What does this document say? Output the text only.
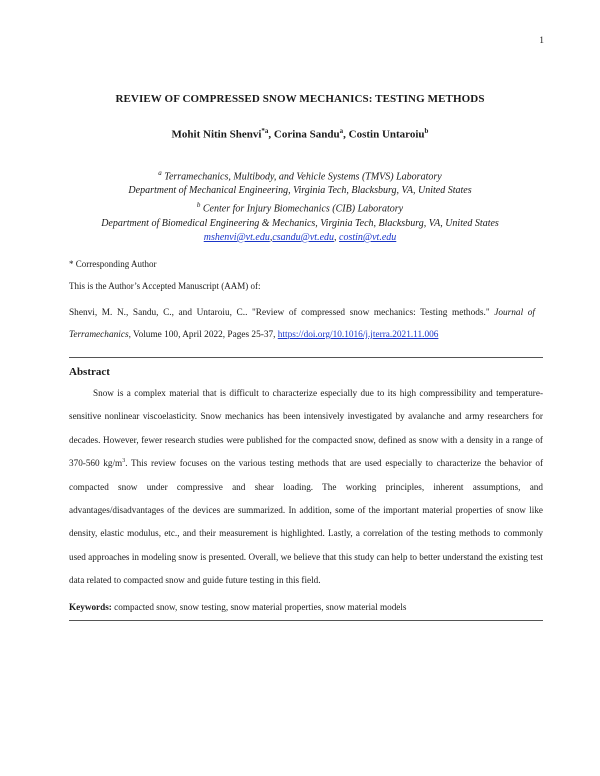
1
REVIEW OF COMPRESSED SNOW MECHANICS: TESTING METHODS
Mohit Nitin Shenvi$^{*a}$, Corina Sandu$^a$, Costin Untaroiu$^b$
$^a$ Terramechanics, Multibody, and Vehicle Systems (TMVS) Laboratory
Department of Mechanical Engineering, Virginia Tech, Blacksburg, VA, United States
$^b$ Center for Injury Biomechanics (CIB) Laboratory
Department of Biomedical Engineering & Mechanics, Virginia Tech, Blacksburg, VA, United States
mshenvi@vt.edu,csandu@vt.edu, costin@vt.edu
* Corresponding Author
This is the Author’s Accepted Manuscript (AAM) of:
Shenvi, M. N., Sandu, C., and Untaroiu, C.. "Review of compressed snow mechanics: Testing methods." Journal of Terramechanics, Volume 100, April 2022, Pages 25-37, https://doi.org/10.1016/j.jterra.2021.11.006
Abstract
Snow is a complex material that is difficult to characterize especially due to its high compressibility and temperature-sensitive nonlinear viscoelasticity. Snow mechanics has been intensively investigated by avalanche and army researchers for decades. However, fewer research studies were published for the compacted snow, defined as snow with a density in a range of 370-560 $kg/m^3$. This review focuses on the various testing methods that are used especially to characterize the behavior of compacted snow under compressive and shear loading. The working principles, inherent assumptions, and advantages/disadvantages of the devices are summarized. In addition, some of the important material properties of snow like density, elastic modulus, etc., and their measurement is highlighted. Lastly, a correlation of the testing methods to commonly used approaches in modeling snow is presented. Overall, we believe that this study can help to better understand the existing test data related to compacted snow and guide future testing in this field.
Keywords: compacted snow, snow testing, snow material properties, snow material models
